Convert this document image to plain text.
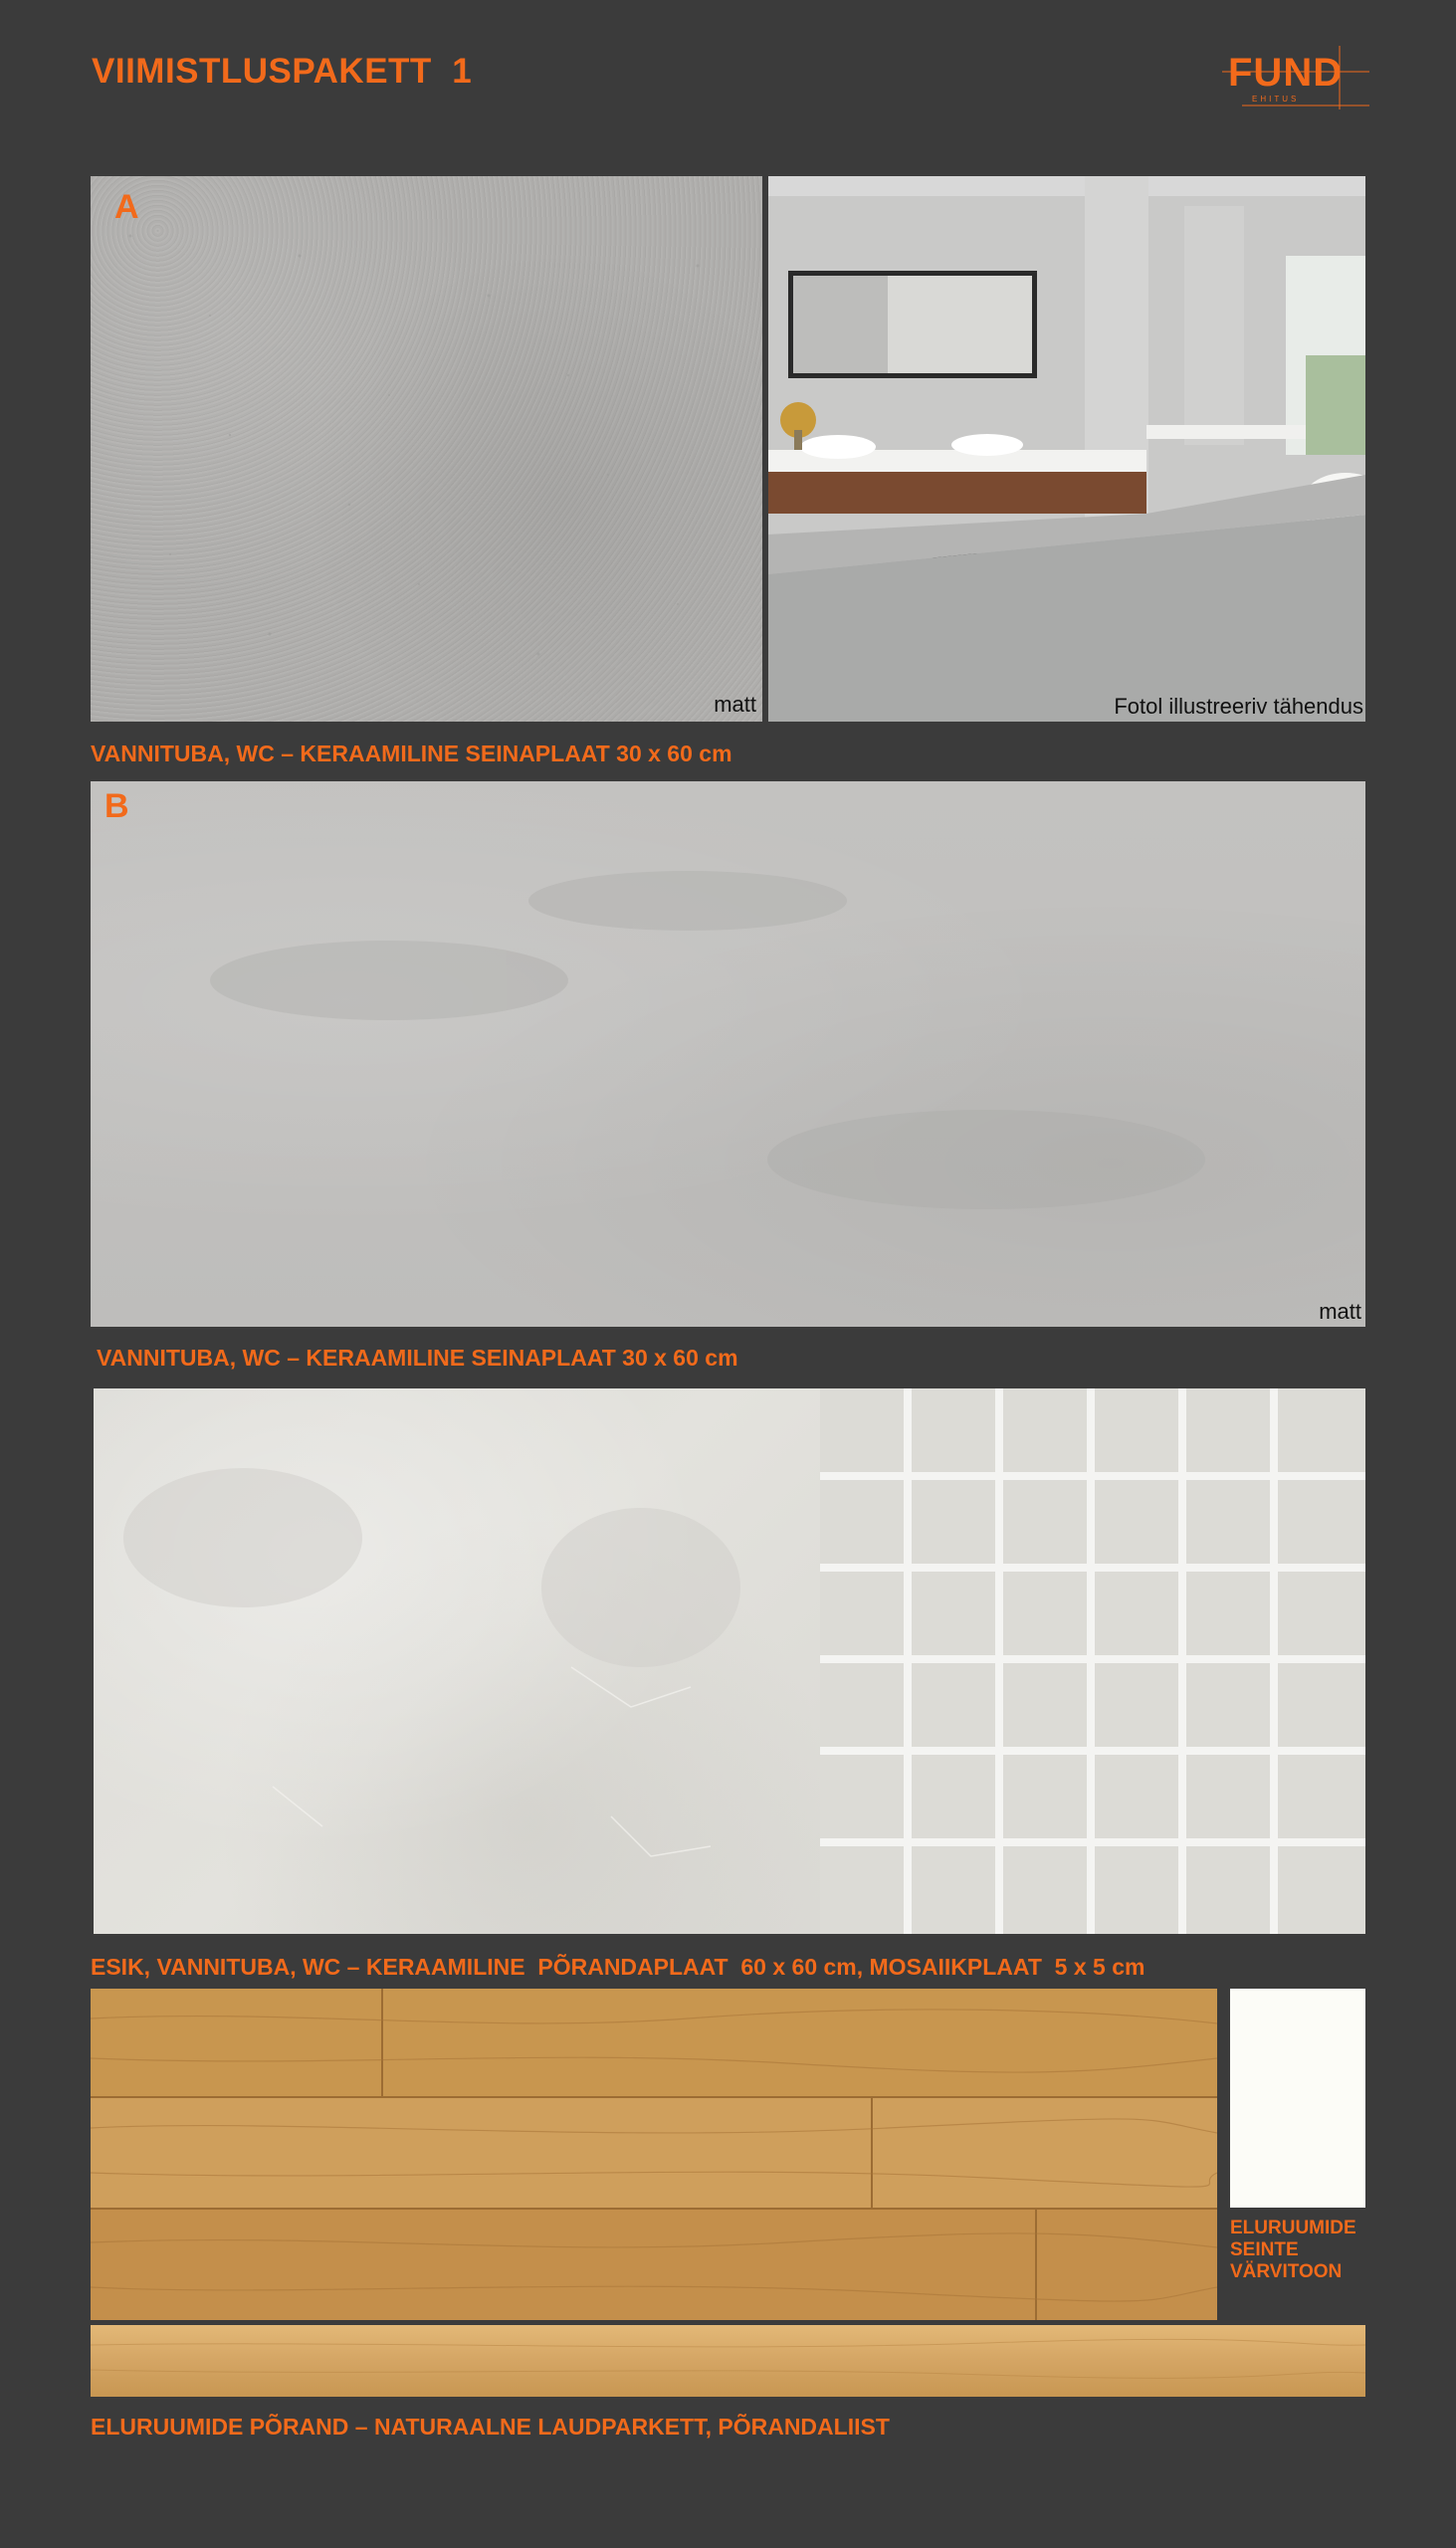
VIIMISTLUSPAKETT  1	FUND
EHITUS
A
matt	Fotol illustreeriv tähendus
VANNITUBA, WC – KERAAMILINE SEINAPLAAT 30 x 60 cm
B
matt
VANNITUBA, WC – KERAAMILINE SEINAPLAAT 30 x 60 cm
ESIK, VANNITUBA, WC – KERAAMILINE  PÕRANDAPLAAT  60 x 60 cm, MOSAIIKPLAAT  5 x 5 cm
ELURUUMIDE SEINTE VÄRVITOON
ELURUUMIDE PÕRAND – NATURAALNE LAUDPARKETT, PÕRANDALIIST
